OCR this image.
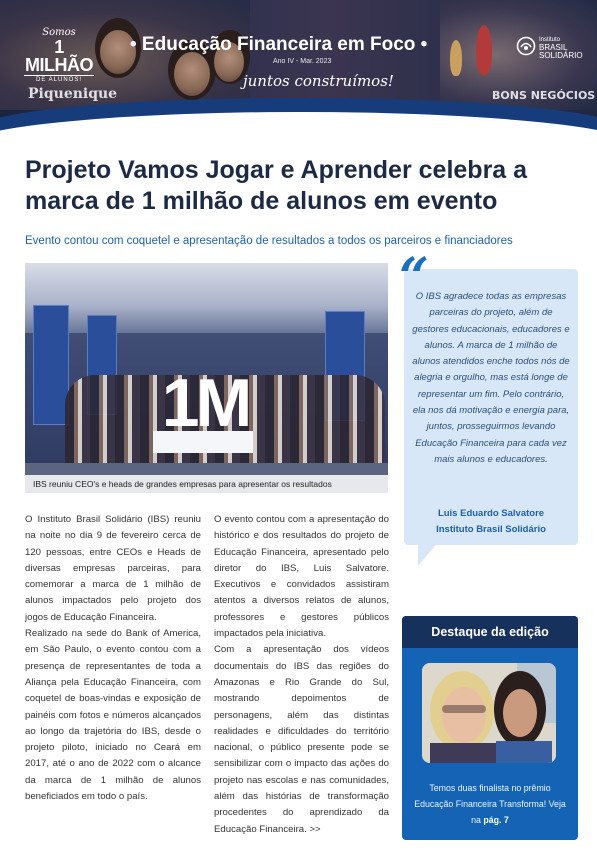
Somos
1 MILHÃO
DE ALUNOS!
• Educação Financeira em Foco •
Ano IV - Mar. 2023
juntos construímos!
Piquenique	BONS NEGÓCIOS
Instituto
BRASIL
SOLIDÁRIO
Projeto Vamos Jogar e Aprender celebra a marca de 1 milhão de alunos em evento
Evento contou com coquetel e apresentação de resultados a todos os parceiros e financiadores
1M
IBS reuniu CEO's e heads de grandes empresas para apresentar os resultados
“
O IBS agradece todas as empresas parceiras do projeto, além de gestores educacionais, educadores e alunos. A marca de 1 milhão de alunos atendidos enche todos nós de alegria e orgulho, mas está longe de representar um fim. Pelo contrário, ela nos dá motivação e energia para, juntos, prosseguirmos levando Educação Financeira para cada vez mais alunos e educadores.
Luis Eduardo Salvatore
Instituto Brasil Solidário

O Instituto Brasil Solidário (IBS) reuniu na noite no dia 9 de fevereiro cerca de 120 pessoas, entre CEOs e Heads de diversas empresas parceiras, para comemorar a marca de 1 milhão de alunos impactados pelo projeto dos jogos de Educação Financeira.

Realizado na sede do Bank of America, em São Paulo, o evento contou com a presença de representantes de toda a Aliança pela Educação Financeira, com coquetel de boas-vindas e exposição de painéis com fotos e números alcançados ao longo da trajetória do IBS, desde o projeto piloto, iniciado no Ceará em 2017, até o ano de 2022 com o alcance da marca de 1 milhão de alunos beneficiados em todo o país.

O evento contou com a apresentação do histórico e dos resultados do projeto de Educação Financeira, apresentado pelo diretor do IBS, Luis Salvatore. Executivos e convidados assistiram atentos a diversos relatos de alunos, professores e gestores públicos impactados pela iniciativa.

Com a apresentação dos vídeos documentais do IBS das regiões do Amazonas e Rio Grande do Sul, mostrando depoimentos de personagens, além das distintas realidades e dificuldades do território nacional, o público presente pode se sensibilizar com o impacto das ações do projeto nas escolas e nas comunidades, além das histórias de transformação procedentes do aprendizado da Educação Financeira. >>

Destaque da edição
Temos duas finalista no prêmio Educação Financeira Transforma! Veja na pág. 7
